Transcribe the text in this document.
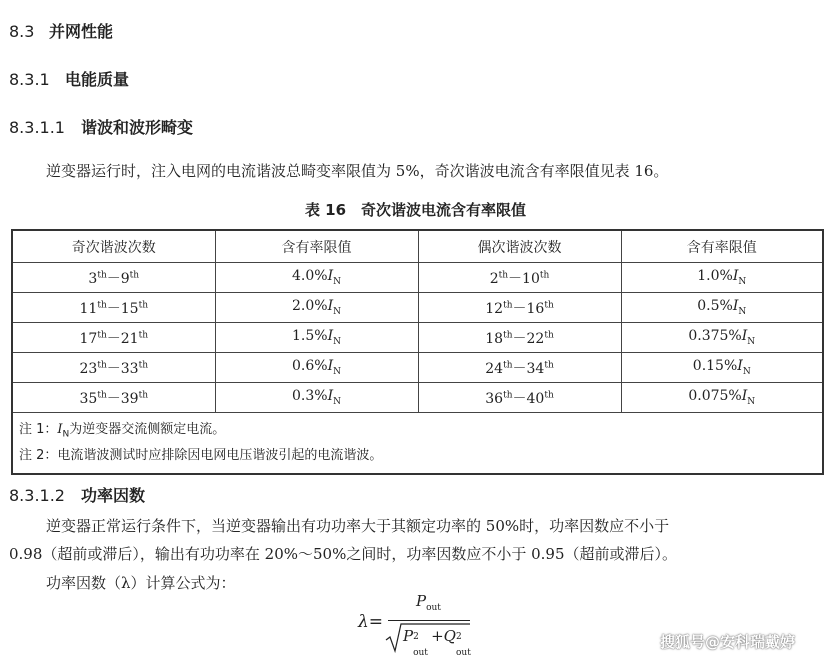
8.3 并网性能
8.3.1 电能质量
8.3.1.1 谐波和波形畸变
逆变器运行时，注入电网的电流谐波总畸变率限值为 5%，奇次谐波电流含有率限值见表 16。
表 16　奇次谐波电流含有率限值
奇次谐波次数	含有率限值	偶次谐波次数	含有率限值
3th－9th	$4.0\%I_N$	2th－10th	$1.0\%I_N$
11th－15th	$2.0\%I_N$	12th－16th	$0.5\%I_N$
17th－21th	$1.5\%I_N$	18th－22th	$0.375\%I_N$
23th－33th	$0.6\%I_N$	24th－34th	$0.15\%I_N$
35th－39th	$0.3\%I_N$	36th－40th	$0.075\%I_N$

注 1：$I_N$为逆变器交流侧额定电流。
注 2：电流谐波测试时应排除因电网电压谐波引起的电流谐波。			
8.3.1.2 功率因数
逆变器正常运行条件下，当逆变器输出有功功率大于其额定功率的 50%时，功率因数应不小于
0.98（超前或滞后），输出有功功率在 20%～50%之间时，功率因数应不小于 0.95（超前或滞后）。
功率因数（λ）计算公式为：
λ=
$P_{out}$
P 2
out
+Q 2
out
搜狐号@安科瑞戴婷
